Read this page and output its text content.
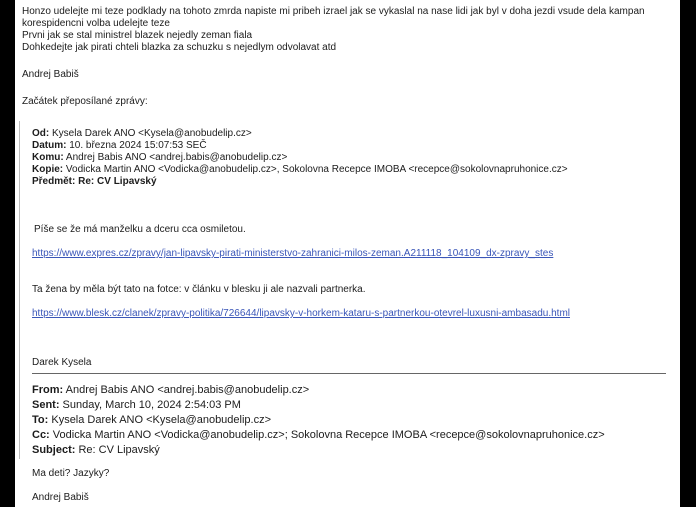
Honzo udelejte mi teze podklady na tohoto zmrda napiste mi pribeh izrael jak se vykaslal na nase lidi jak byl v doha jezdi vsude dela kampan
korespidencni volba udelejte teze
Prvni jak se stal ministrel blazek nejedly zeman fiala
Dohkedejte jak pirati chteli blazka za schuzku s nejedlym odvolavat atd
Andrej Babiš
Začátek přeposílané zprávy:
Od: Kysela Darek ANO <Kysela@anobudelip.cz>
Datum: 10. března 2024 15:07:53 SEČ
Komu: Andrej Babis ANO <andrej.babis@anobudelip.cz>
Kopie: Vodicka Martin ANO <Vodicka@anobudelip.cz>, Sokolovna Recepce IMOBA <recepce@sokolovnapruhonice.cz>
Předmět: Re: CV Lipavský
Píše se že má manželku a dceru cca osmiletou.
https://www.expres.cz/zpravy/jan-lipavsky-pirati-ministerstvo-zahranici-milos-zeman.A211118_104109_dx-zpravy_stes
Ta žena by měla být tato na fotce: v článku v blesku ji ale nazvali partnerka.
https://www.blesk.cz/clanek/zpravy-politika/726644/lipavsky-v-horkem-kataru-s-partnerkou-otevrel-luxusni-ambasadu.html
Darek Kysela
From: Andrej Babis ANO <andrej.babis@anobudelip.cz>
Sent: Sunday, March 10, 2024 2:54:03 PM
To: Kysela Darek ANO <Kysela@anobudelip.cz>
Cc: Vodicka Martin ANO <Vodicka@anobudelip.cz>; Sokolovna Recepce IMOBA <recepce@sokolovnapruhonice.cz>
Subject: Re: CV Lipavský
Ma deti? Jazyky?
Andrej Babiš
